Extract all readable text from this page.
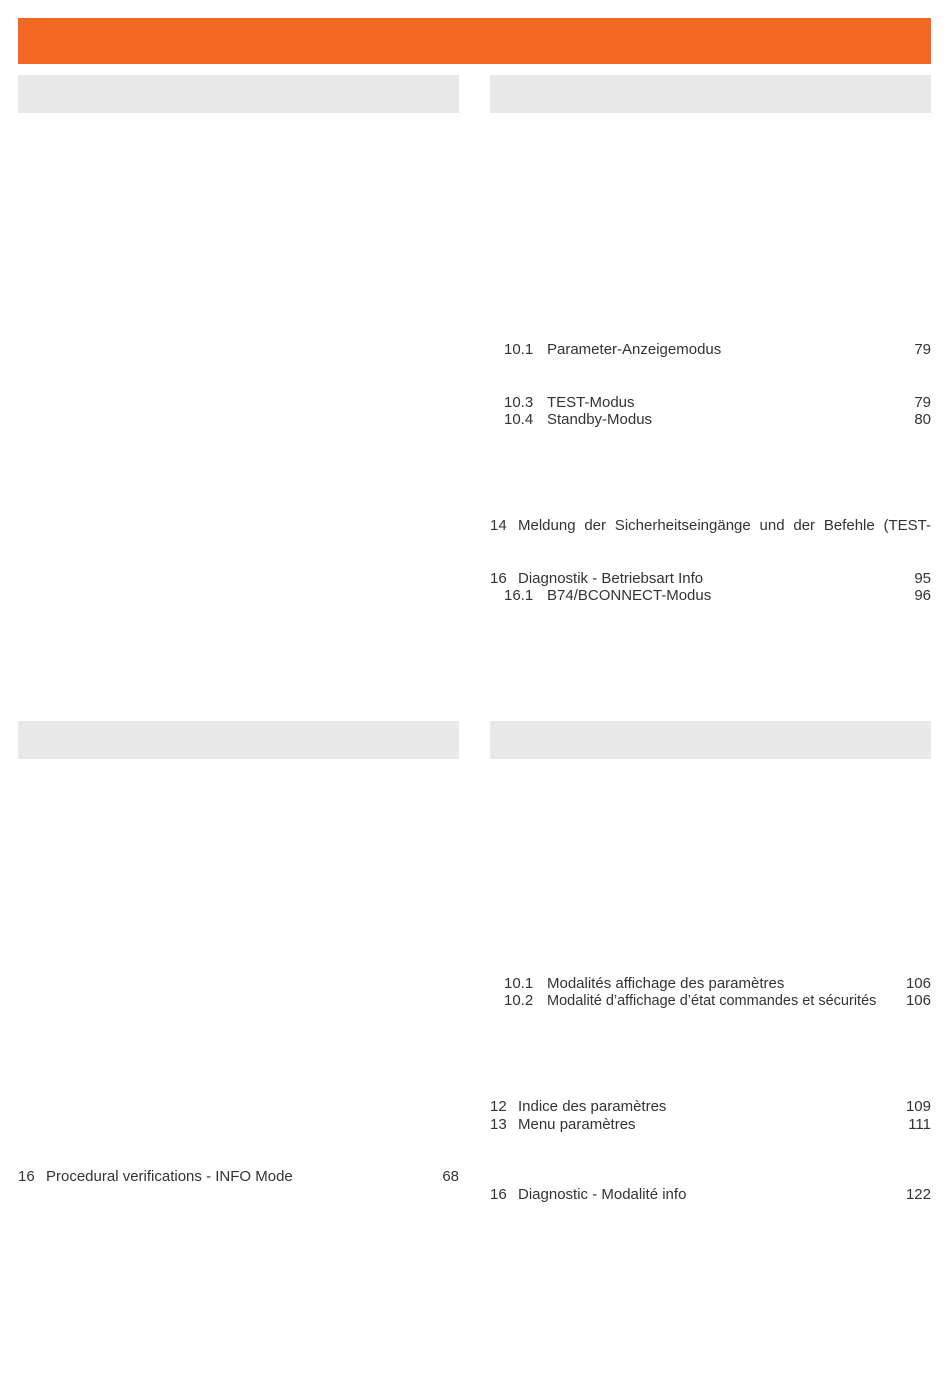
10.1 Parameter-Anzeigemodus	79
10.3 TEST-Modus	79
10.4 Standby-Modus	80
14 Meldung der Sicherheitseingänge und der Befehle (TEST-
16 Diagnostik - Betriebsart Info	95
16.1 B74/BCONNECT-Modus	96
16 Procedural verifications - INFO Mode	68
10.1 Modalités affichage des paramètres	106
10.2 Modalité d’affichage d’état commandes et sécurités	106
12 Indice des paramètres	109
13 Menu paramètres	111
16 Diagnostic - Modalité info	122
